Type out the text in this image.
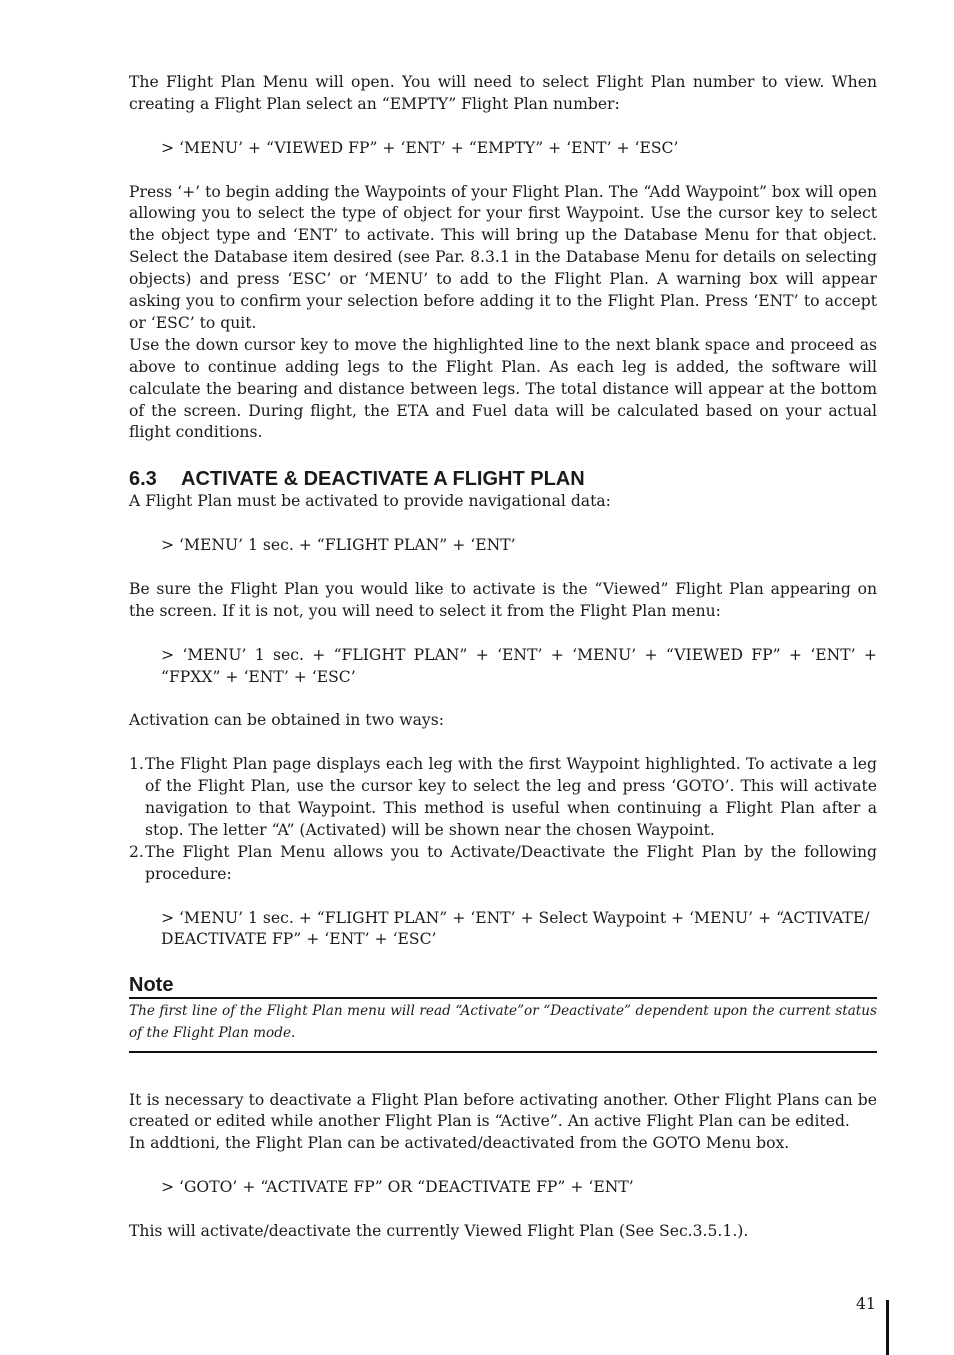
The Flight Plan Menu will open. You will need to select Flight Plan number to view. When creating a Flight Plan select an “EMPTY” Flight Plan number:

> ‘MENU’ + “VIEWED FP” + ‘ENT’ + “EMPTY” + ‘ENT’ + ‘ESC’

Press ‘+’ to begin adding the Waypoints of your Flight Plan. The “Add Waypoint” box will open allowing you to select the type of object for your first Waypoint. Use the cursor key to select the object type and ‘ENT’ to activate. This will bring up the Database Menu for that object. Select the Database item desired (see Par. 8.3.1 in the Database Menu for details on selecting objects) and press ‘ESC’ or ‘MENU’ to add to the Flight Plan. A warning box will appear asking you to confirm your selection before adding it to the Flight Plan. Press ‘ENT’ to accept or ‘ESC’ to quit.

Use the down cursor key to move the highlighted line to the next blank space and proceed as above to continue adding legs to the Flight Plan. As each leg is added, the software will calculate the bearing and distance between legs. The total distance will appear at the bottom of the screen. During flight, the ETA and Fuel data will be calculated based on your actual flight conditions.

6.3 ACTIVATE & DEACTIVATE A FLIGHT PLAN

A Flight Plan must be activated to provide navigational data:

> ‘MENU’ 1 sec. + “FLIGHT PLAN” + ‘ENT’

Be sure the Flight Plan you would like to activate is the “Viewed” Flight Plan appearing on the screen. If it is not, you will need to select it from the Flight Plan menu:

> ‘MENU’ 1 sec. + “FLIGHT PLAN” + ‘ENT’ + ‘MENU’ + “VIEWED FP” + ‘ENT’ + “FPXX” + ‘ENT’ + ‘ESC’

Activation can be obtained in two ways:

1. The Flight Plan page displays each leg with the first Waypoint highlighted. To activate a leg of the Flight Plan, use the cursor key to select the leg and press ‘GOTO’. This will activate navigation to that Waypoint. This method is useful when continuing a Flight Plan after a stop. The letter “A” (Activated) will be shown near the chosen Waypoint.

2. The Flight Plan Menu allows you to Activate/Deactivate the Flight Plan by the following procedure:

> ‘MENU’ 1 sec. + “FLIGHT PLAN” + ‘ENT’ + Select Waypoint + ‘MENU’ + “ACTIVATE/ DEACTIVATE FP” + ‘ENT’ + ‘ESC’

Note

The first line of the Flight Plan menu will read “Activate”or “Deactivate” dependent upon the current status of the Flight Plan mode.

It is necessary to deactivate a Flight Plan before activating another. Other Flight Plans can be created or edited while another Flight Plan is “Active”. An active Flight Plan can be edited.

In addtioni, the Flight Plan can be activated/deactivated from the GOTO Menu box.

> ‘GOTO’ + “ACTIVATE FP” OR “DEACTIVATE FP” + ‘ENT’

This will activate/deactivate the currently Viewed Flight Plan (See Sec.3.5.1.).

41
